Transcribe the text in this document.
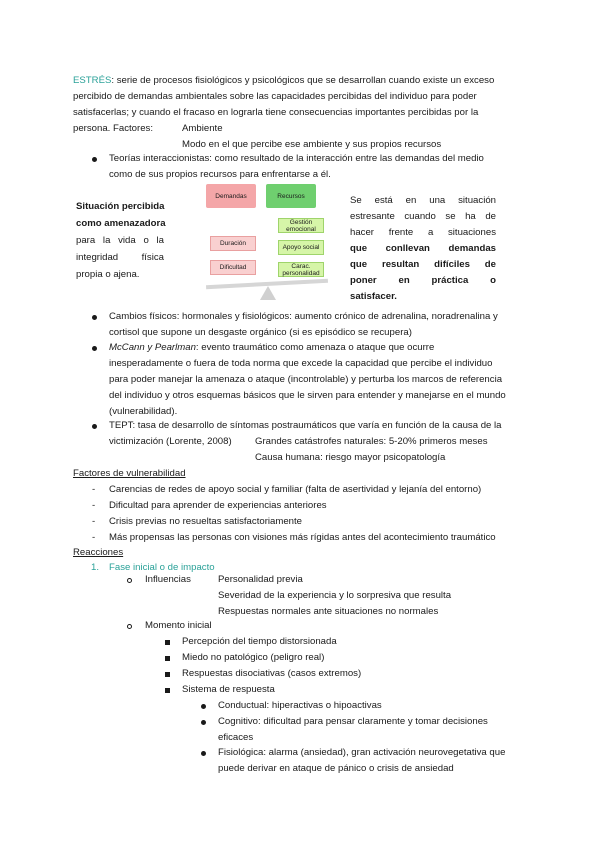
ESTRÉS: serie de procesos fisiológicos y psicológicos que se desarrollan cuando existe un exceso
percibido de demandas ambientales sobre las capacidades percibidas del individuo para poder
satisfacerlas; y cuando el fracaso en lograrla tiene consecuencias importantes percibidas por la
persona. Factores:	Ambiente
Modo en el que percibe ese ambiente y sus propios recursos
Teorías interaccionistas: como resultado de la interacción entre las demandas del medio
como de sus propios recursos para enfrentarse a él.
Situación percibida
como amenazadora
para la vida o la
integridad física
propia o ajena.
Demandas	Recursos
Gestión emocional
Apoyo social
Carac. personalidad
Duración
Dificultad
Se está en una situación
estresante cuando se ha de
hacer frente a situaciones
que conllevan demandas
que resultan difíciles de
poner en práctica o
satisfacer.
Cambios físicos: hormonales y fisiológicos: aumento crónico de adrenalina, noradrenalina y
cortisol que supone un desgaste orgánico (si es episódico se recupera)
McCann y Pearlman: evento traumático como amenaza o ataque que ocurre
inesperadamente o fuera de toda norma que excede la capacidad que percibe el individuo
para poder manejar la amenaza o ataque (incontrolable) y perturba los marcos de referencia
del individuo y otros esquemas básicos que le sirven para entender y manejarse en el mundo
(vulnerabilidad).
TEPT: tasa de desarrollo de síntomas postraumáticos que varía en función de la causa de la
victimización (Lorente, 2008) Grandes catástrofes naturales: 5-20% primeros meses
Causa humana: riesgo mayor psicopatología
Factores de vulnerabilidad
- Carencias de redes de apoyo social y familiar (falta de asertividad y lejanía del entorno)
- Dificultad para aprender de experiencias anteriores
- Crisis previas no resueltas satisfactoriamente
- Más propensas las personas con visiones más rígidas antes del acontecimiento traumático
Reacciones
1. Fase inicial o de impacto
Influencias	Personalidad previa
Severidad de la experiencia y lo sorpresiva que resulta
Respuestas normales ante situaciones no normales
Momento inicial
Percepción del tiempo distorsionada
Miedo no patológico (peligro real)
Respuestas disociativas (casos extremos)
Sistema de respuesta
Conductual: hiperactivas o hipoactivas
Cognitivo: dificultad para pensar claramente y tomar decisiones
eficaces
Fisiológica: alarma (ansiedad), gran activación neurovegetativa que
puede derivar en ataque de pánico o crisis de ansiedad
